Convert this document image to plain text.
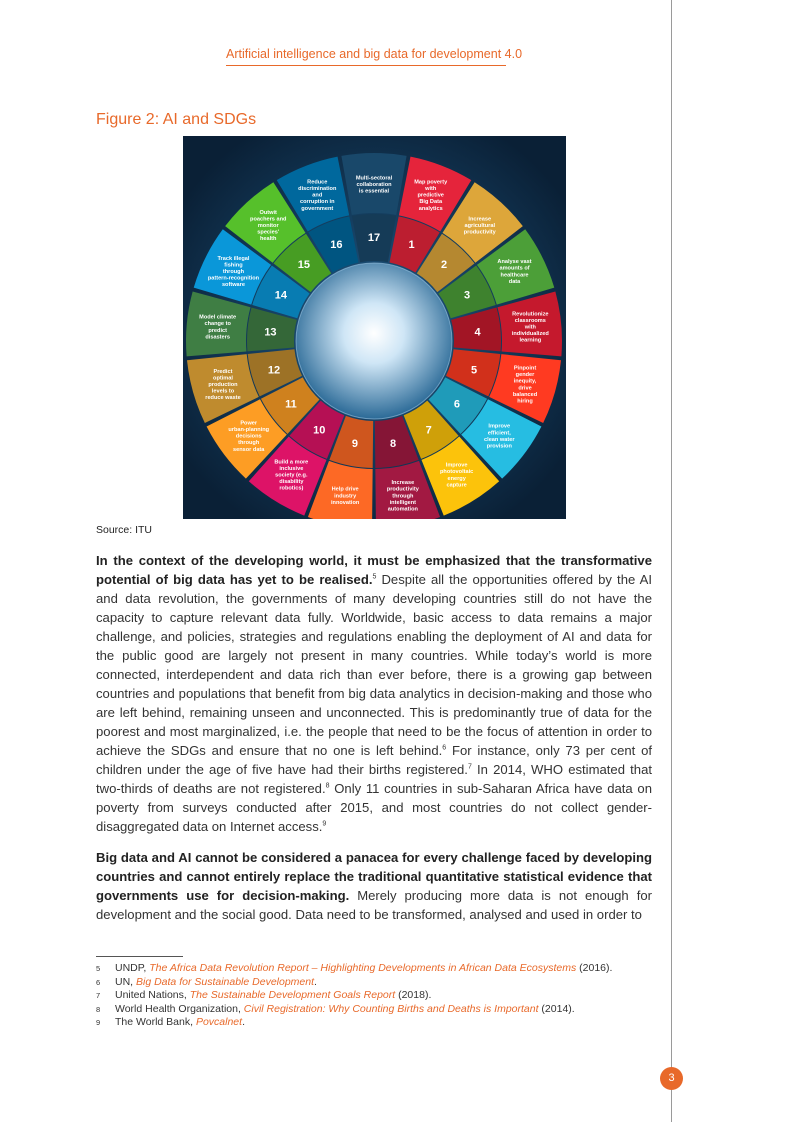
Artificial intelligence and big data for development 4.0
Figure 2: AI and SDGs
17
Multi-sectoral collaboration is essential
1
Map poverty with predictive Big Data analytics
2
Increase agricultural productivity
3
Analyse vast amounts of healthcare data
4
Revolutionize classrooms with individualized learning
5	Pinpoint gender inequity, drive balanced hiring
6
Improve efficient, clean water provision
7
Improve photovoltaic energy capture
8
Increase productivity through intelligent automation
9
Help drive industry innovation
10
Build a more inclusive society (e.g. disability robotics)
11
Power urban-planning decisions through sensor data
12
Predict optimal production levels to reduce waste
13
Model climate change to predict disasters
14
Track illegal fishing through pattern-recognition software
15
Outwit poachers and monitor species' health	16
Reduce discrimination and corruption in government
Source: ITU

In the context of the developing world, it must be emphasized that the transformative potential of big data has yet to be realised.$^5$ Despite all the opportunities offered by the AI and data revolution, the governments of many developing countries still do not have the capacity to capture relevant data fully. Worldwide, basic access to data remains a major challenge, and policies, strategies and regulations enabling the deployment of AI and data for the public good are largely not present in many countries. While today’s world is more connected, interdependent and data rich than ever before, there is a growing gap between countries and populations that benefit from big data analytics in decision-making and those who are left behind, remaining unseen and unconnected. This is predominantly true of data for the poorest and most marginalized, i.e. the people that need to be the focus of attention in order to achieve the SDGs and ensure that no one is left behind.$^6$ For instance, only 73 per cent of children under the age of five have had their births registered.$^7$ In 2014, WHO estimated that two-thirds of deaths are not registered.$^8$ Only 11 countries in sub-Saharan Africa have data on poverty from surveys conducted after 2015, and most countries do not collect gender-disaggregated data on Internet access.$^9$

Big data and AI cannot be considered a panacea for every challenge faced by developing countries and cannot entirely replace the traditional quantitative statistical evidence that governments use for decision-making. Merely producing more data is not enough for development and the social good. Data need to be transformed, analysed and used in order to

5	UNDP, The Africa Data Revolution Report – Highlighting Developments in African Data Ecosystems (2016).
6	UN, Big Data for Sustainable Development.
7	United Nations, The Sustainable Development Goals Report (2018).
8	World Health Organization, Civil Registration: Why Counting Births and Deaths is Important (2014).
9	The World Bank, Povcalnet.
3
